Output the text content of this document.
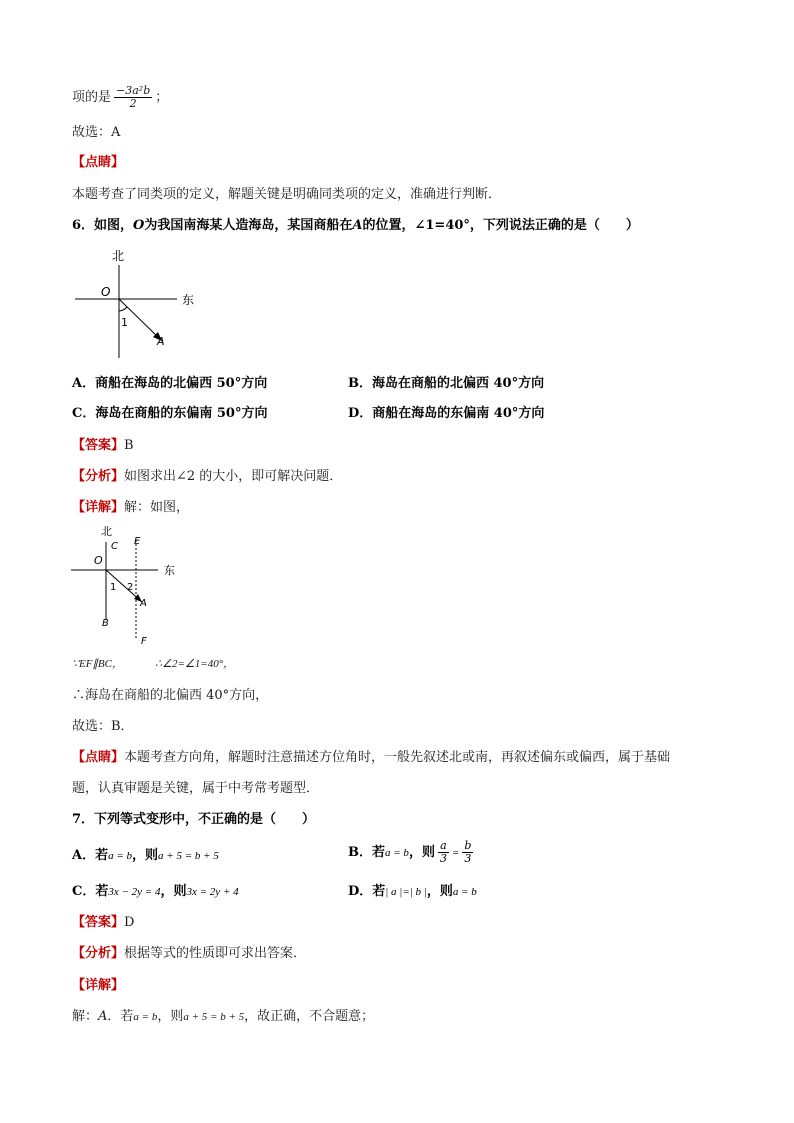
项的是 $\frac{\text{−3a²b}}{2}$ ；
故选：A
【点睛】
本题考查了同类项的定义，解题关键是明确同类项的定义，准确进行判断．
6．如图，O为我国南海某人造海岛，某国商船在A的位置，∠1=40°，下列说法正确的是（　　）
北
东
O
1
A
A．商船在海岛的北偏西 50°方向	B．海岛在商船的北偏西 40°方向
C．海岛在商船的东偏南 50°方向	D．商船在海岛的东偏南 40°方向
【答案】B
【分析】如图求出∠2 的大小，即可解决问题．
【详解】解：如图，
北
东
O
C E
1 2
A
B
F
∵EF∥BC，	∴∠2=∠1=40°，
∴海岛在商船的北偏西 40°方向，
故选：B．
【点睛】本题考查方向角，解题时注意描述方位角时，一般先叙述北或南，再叙述偏东或偏西，属于基础
题，认真审题是关键，属于中考常考题型．
7．下列等式变形中，不正确的是（　　）
A．若a = b，则a + 5 = b + 5	B．若a = b，则 $\frac{a}{3} = \frac{b}{3}$
C．若3x − 2y = 4，则3x = 2y + 4	D．若| a |=| b |，则a = b
【答案】D
【分析】根据等式的性质即可求出答案．
【详解】
解：A．若a = b，则a + 5 = b + 5，故正确，不合题意；
